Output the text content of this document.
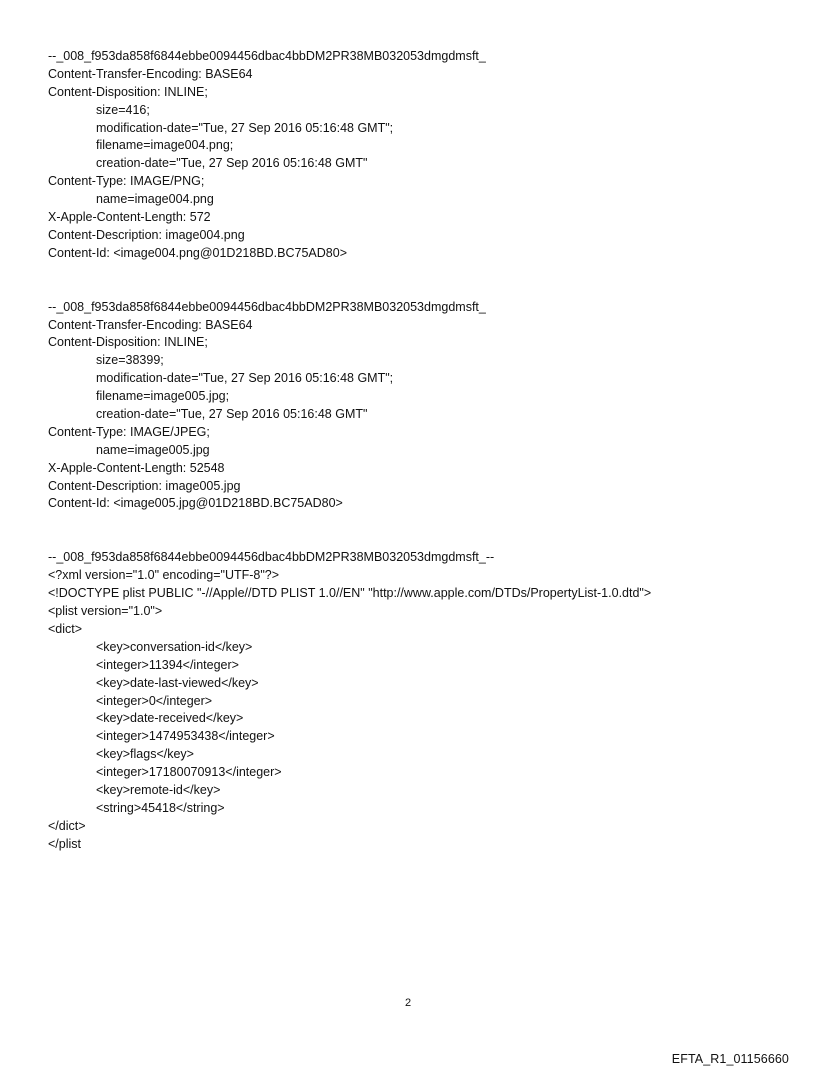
--_008_f953da858f6844ebbe0094456dbac4bbDM2PR38MB032053dmgdmsft_
Content-Transfer-Encoding: BASE64
Content-Disposition: INLINE;
size=416;
modification-date="Tue, 27 Sep 2016 05:16:48 GMT";
filename=image004.png;
creation-date="Tue, 27 Sep 2016 05:16:48 GMT"
Content-Type: IMAGE/PNG;
name=image004.png
X-Apple-Content-Length: 572
Content-Description: image004.png
Content-Id: <image004.png@01D218BD.BC75AD80>
--_008_f953da858f6844ebbe0094456dbac4bbDM2PR38MB032053dmgdmsft_
Content-Transfer-Encoding: BASE64
Content-Disposition: INLINE;
size=38399;
modification-date="Tue, 27 Sep 2016 05:16:48 GMT";
filename=image005.jpg;
creation-date="Tue, 27 Sep 2016 05:16:48 GMT"
Content-Type: IMAGE/JPEG;
name=image005.jpg
X-Apple-Content-Length: 52548
Content-Description: image005.jpg
Content-Id: <image005.jpg@01D218BD.BC75AD80>
--_008_f953da858f6844ebbe0094456dbac4bbDM2PR38MB032053dmgdmsft_--
<?xml version="1.0" encoding="UTF-8"?>
<!DOCTYPE plist PUBLIC "-//Apple//DTD PLIST 1.0//EN" "http://www.apple.com/DTDs/PropertyList-1.0.dtd">
<plist version="1.0">
<dict>
<key>conversation-id</key>
<integer>11394</integer>
<key>date-last-viewed</key>
<integer>0</integer>
<key>date-received</key>
<integer>1474953438</integer>
<key>flags</key>
<integer>17180070913</integer>
<key>remote-id</key>
<string>45418</string>
</dict>
</plist
2
EFTA_R1_01156660
